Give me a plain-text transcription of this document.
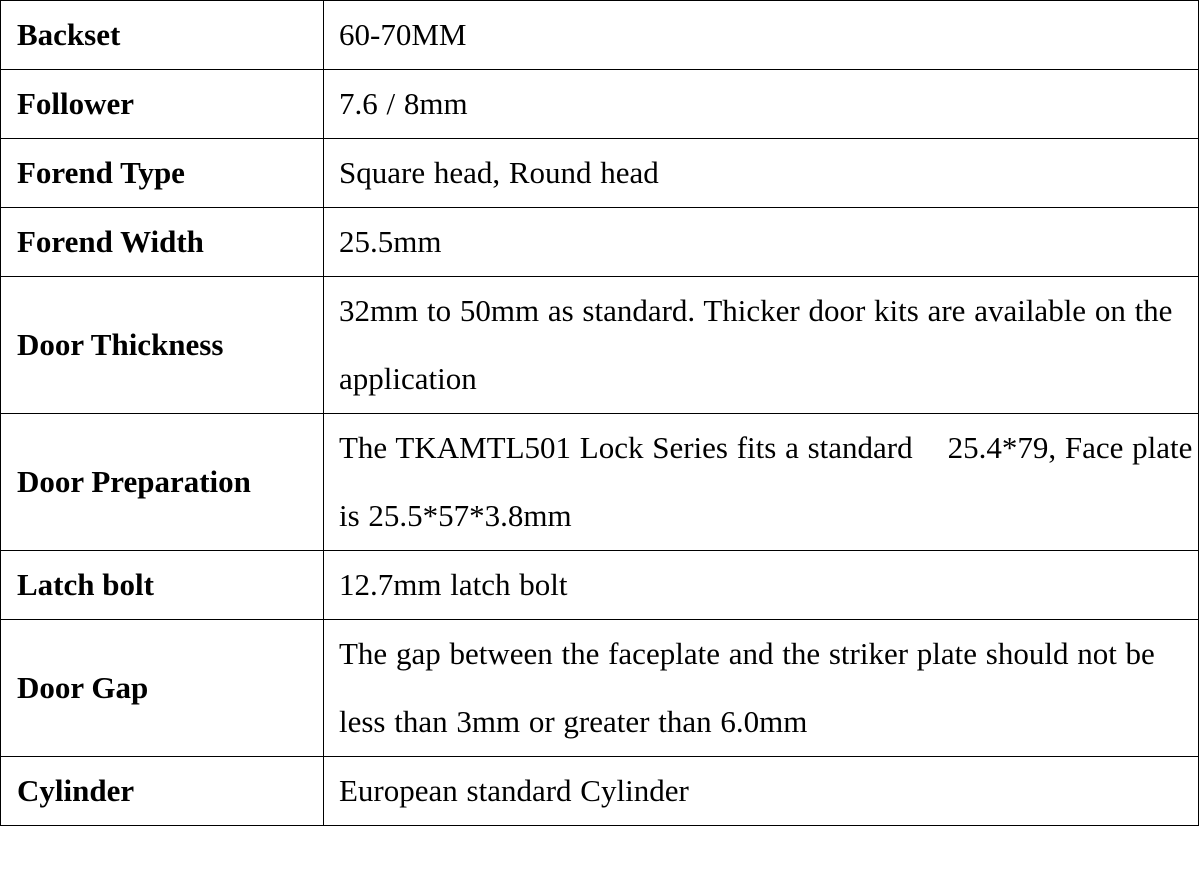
Backset	60-70MM
Follower	7.6 / 8mm
Forend Type	Square head, Round head
Forend Width	25.5mm
Door Thickness	32mm to 50mm as standard. Thicker door kits are available on the application
Door Preparation	The TKAMTL501 Lock Series fits a standard    25.4*79, Face plate is 25.5*57*3.8mm
Latch bolt	12.7mm latch bolt
Door Gap	The gap between the faceplate and the striker plate should not be less than 3mm or greater than 6.0mm
Cylinder	European standard Cylinder
